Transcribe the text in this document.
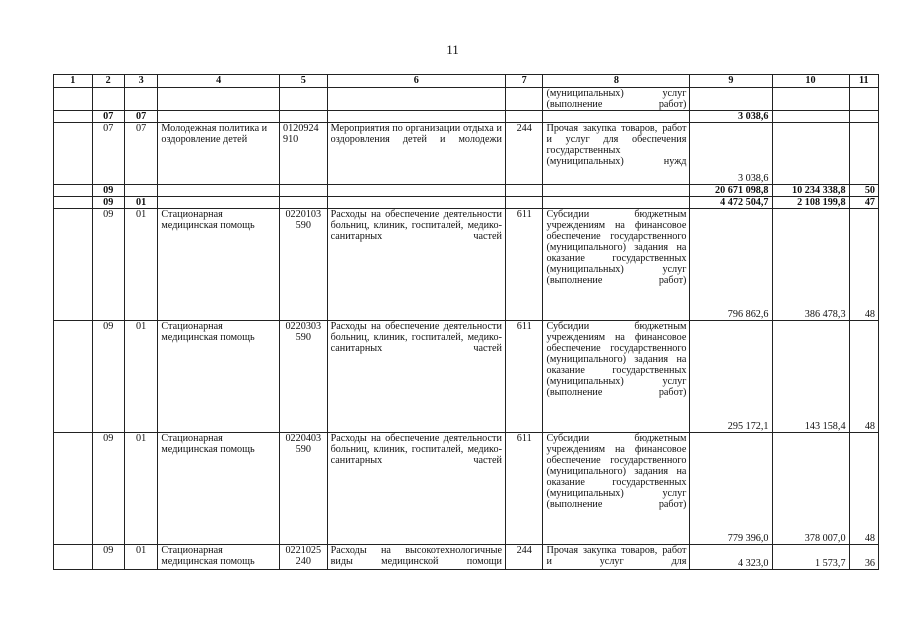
11
1	2	3	4	5	6	7	8	9	10	11
							(муниципальных) услуг (выполнение работ)			
	07	07						3 038,6		
	07	07	Молодежная политика и оздоровление детей	0120924910	Мероприятия по организации отдыха и оздоровления детей и молодежи	244	Прочая закупка товаров, работ и услуг для обеспечения государственных (муниципальных) нужд	3 038,6		
	09							20 671 098,8	10 234 338,8	50
	09	01						4 472 504,7	2 108 199,8	47
	09	01	Стационарная медицинская помощь	0220103590	Расходы на обеспечение деятельности больниц, клиник, госпиталей, медико-санитарных частей	611	Субсидии бюджетным учреждениям на финансовое обеспечение государственного (муниципального) задания на оказание государственных (муниципальных) услуг (выполнение работ)	796 862,6	386 478,3	48
	09	01	Стационарная медицинская помощь	0220303590	Расходы на обеспечение деятельности больниц, клиник, госпиталей, медико-санитарных частей	611	Субсидии бюджетным учреждениям на финансовое обеспечение государственного (муниципального) задания на оказание государственных (муниципальных) услуг (выполнение работ)	295 172,1	143 158,4	48
	09	01	Стационарная медицинская помощь	0220403590	Расходы на обеспечение деятельности больниц, клиник, госпиталей, медико-санитарных частей	611	Субсидии бюджетным учреждениям на финансовое обеспечение государственного (муниципального) задания на оказание государственных (муниципальных) услуг (выполнение работ)	779 396,0	378 007,0	48
	09	01	Стационарная медицинская помощь	0221025240	Расходы на высокотехнологичные виды медицинской помощи	244	Прочая закупка товаров, работ и услуг для	4 323,0	1 573,7	36
